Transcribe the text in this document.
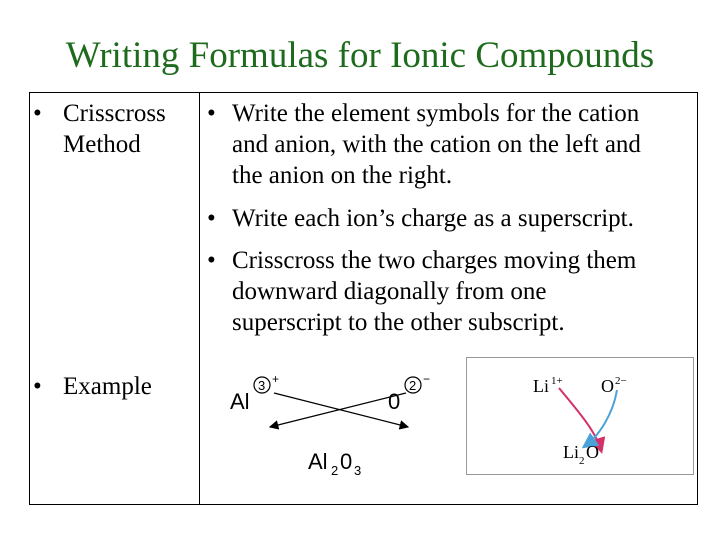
Writing Formulas for Ionic Compounds
• Crisscross
Method
• Write the element symbols for the cation
and anion, with the cation on the left and
the anion on the right.
• Write each ion’s charge as a superscript.
• Crisscross the two charges moving them
downward diagonally from one
superscript to the other subscript.
• Example
Al
3 +
0
2 −
Al 2 0 3
Li 1+ O 2−
Li 2 O
